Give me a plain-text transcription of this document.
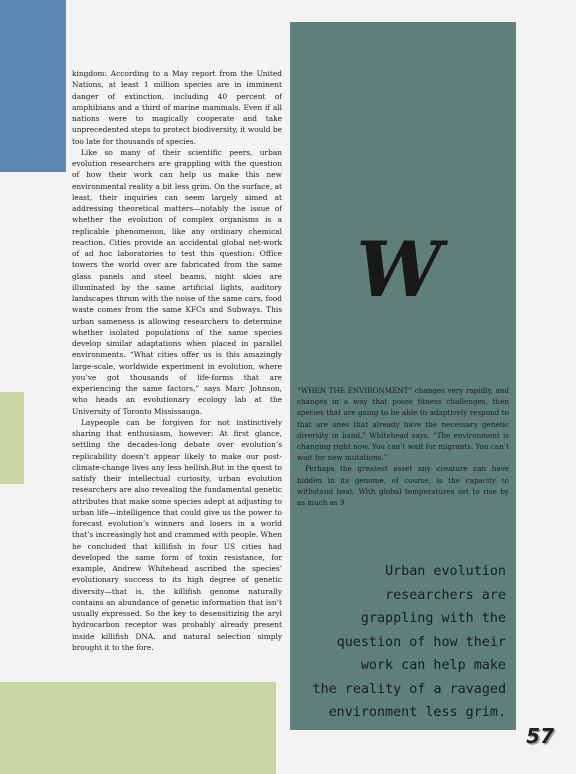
kingdom: According to a May report from the United Nations, at least 1 million species are in imminent danger of extinction, including 40 percent of amphibians and a third of marine mammals. Even if all nations were to magically cooperate and take unprecedented steps to protect biodiversity, it would be too late for thousands of species.

Like so many of their scientific peers, urban evolution researchers are grappling with the question of how their work can help us make this new environmental reality a bit less grim. On the surface, at least, their inquiries can seem largely aimed at addressing theoretical matters—notably the issue of whether the evolution of complex organisms is a replicable phenomenon, like any ordinary chemical reaction. Cities provide an accidental global net-work of ad hoc laboratories to test this question: Office towers the world over are fabricated from the same glass panels and steel beams, night skies are illuminated by the same artificial lights, auditory landscapes thrum with the noise of the same cars, food waste comes from the same KFCs and Subways. This urban sameness is allowing researchers to determine whether isolated populations of the same species develop similar adaptations when placed in parallel environments. “What cities offer us is this amazingly large-scale, worldwide experiment in evolution, where you’ve got thousands of life-forms that are experiencing the same factors,” says Marc Johnson, who heads an evolutionary ecology lab at the University of Toronto Mississauga.

Laypeople can be forgiven for not instinctively sharing that enthusiasm, however: At first glance, settling the decades-long debate over evolution’s replicability doesn’t appear likely to make our post-climate-change lives any less hellish.But in the quest to satisfy their intellectual curiosity, urban evolution researchers are also revealing the fundamental genetic attributes that make some species adept at adjusting to urban life—intelligence that could give us the power to forecast evolution’s winners and losers in a world that’s increasingly hot and crammed with people. When he concluded that killifish in four US cities had developed the same form of toxin resistance, for example, Andrew Whitehead ascribed the species’ evolutionary success to its high degree of genetic diversity—that is, the killifish genome naturally contains an abundance of genetic information that isn’t usually expressed. So the key to desensitizing the aryl hydrocarbon receptor was probably already present inside killifish DNA, and natural selection simply brought it to the fore.

W

“WHEN THE ENVIRONMENT” changes very rapidly, and changes in a way that poses fitness challenges, then species that are going to be able to adaptively respond to that are ones that already have the necessary genetic diversity in hand,” Whitehead says. “The environment is changing right now. You can’t wait for migrants. You can’t wait for new mutations.”

Perhaps the greatest asset any creature can have hidden in its genome, of course, is the capacity to withstand heat. With global temperatures set to rise by as much as 9

Urban evolution
researchers are
grappling with the
question of how their
work can help make
the reality of a ravaged
environment less grim.
57
